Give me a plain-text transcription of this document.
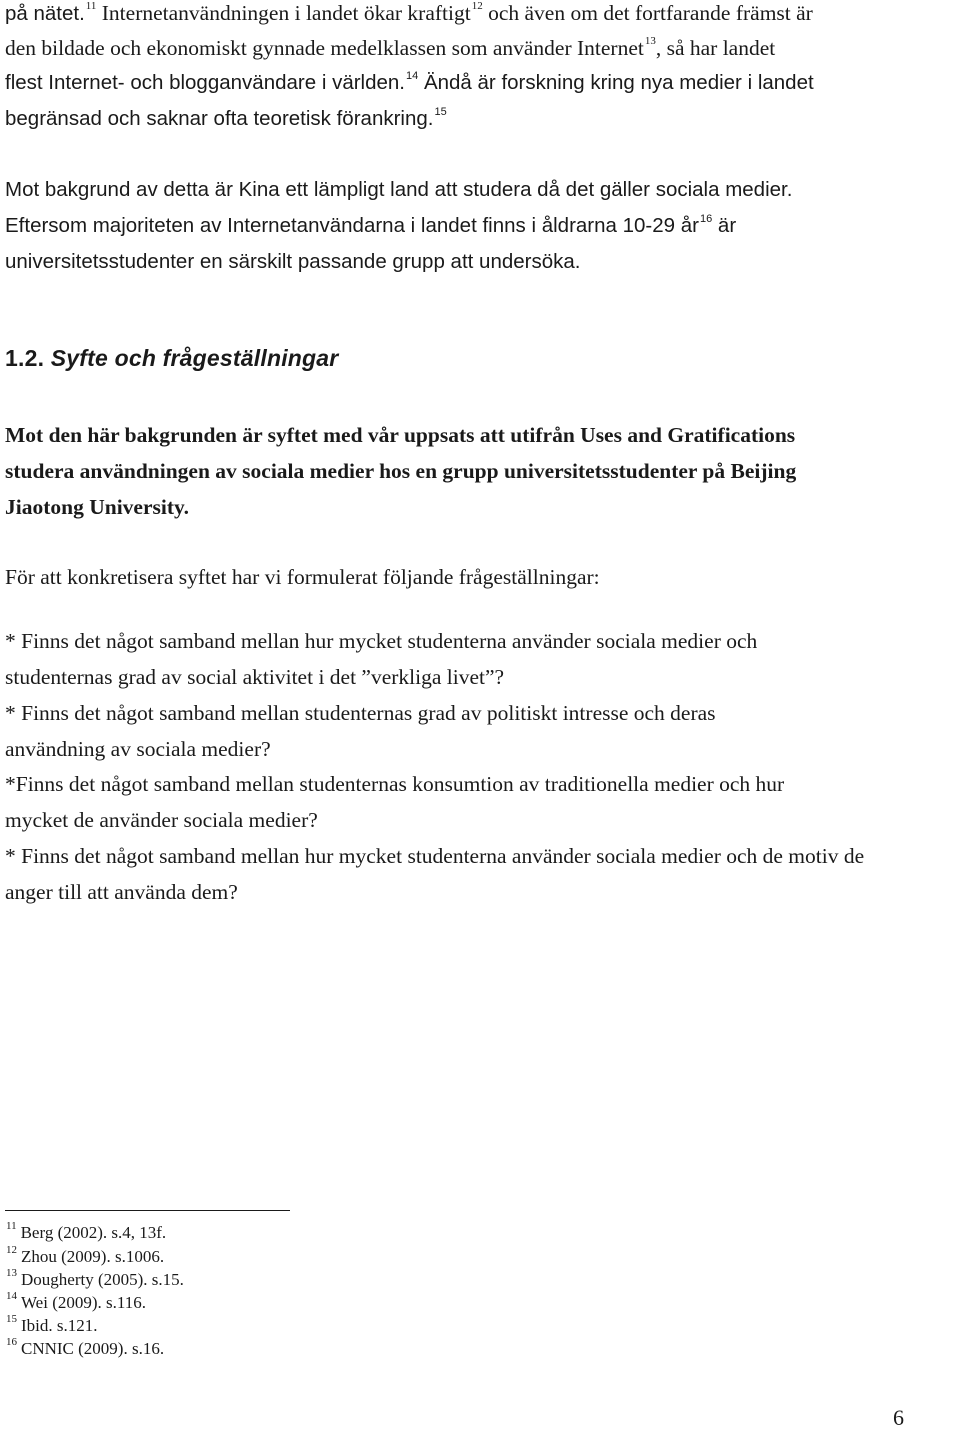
på nätet.$^{11}$ Internetanvändningen i landet ökar kraftigt$^{12}$ och även om det fortfarande främst är

den bildade och ekonomiskt gynnade medelklassen som använder Internet$^{13}$, så har landet

flest Internet- och blogganvändare i världen.$^{14}$ Ändå är forskning kring nya medier i landet

begränsad och saknar ofta teoretisk förankring.$^{15}$

Mot bakgrund av detta är Kina ett lämpligt land att studera då det gäller sociala medier.

Eftersom majoriteten av Internetanvändarna i landet finns i åldrarna 10-29 $år^{16}$ är

universitetsstudenter en särskilt passande grupp att undersöka.

1.2. Syfte och frågeställningar

Mot den här bakgrunden är syftet med vår uppsats att utifrån Uses and Gratifications

studera användningen av sociala medier hos en grupp universitetsstudenter på Beijing

Jiaotong University.

För att konkretisera syftet har vi formulerat följande frågeställningar:

* Finns det något samband mellan hur mycket studenterna använder sociala medier och

studenternas grad av social aktivitet i det ”verkliga livet”?

* Finns det något samband mellan studenternas grad av politiskt intresse och deras

användning av sociala medier?

*Finns det något samband mellan studenternas konsumtion av traditionella medier och hur

mycket de använder sociala medier?

* Finns det något samband mellan hur mycket studenterna använder sociala medier och de motiv de

anger till att använda dem?

$^{11}$ Berg (2002). s.4, 13f.
$^{12}$ Zhou (2009). s.1006.
$^{13}$ Dougherty (2005). s.15.
$^{14}$ Wei (2009). s.116.
$^{15}$ Ibid. s.121.
$^{16}$ CNNIC (2009). s.16.
6
